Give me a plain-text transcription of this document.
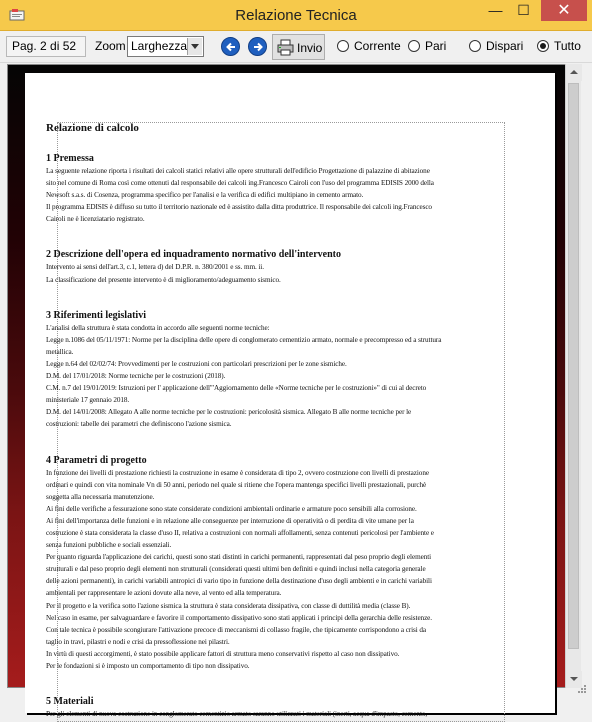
Relazione Tecnica	—	☐	✕
Pag. 2 di 52	Zoom Larghezza	Invio	Corrente Pari	Dispari	Tutto
Relazione di calcolo
1 Premessa

La seguente relazione riporta i risultati dei calcoli statici relativi alle opere strutturali dell'edificio Progettazione di palazzine di abitazione

sito nel comune di Roma così come ottenuti dal responsabile dei calcoli ing.Francesco Cairoli con l'uso del programma EDISIS 2000 della

Newsoft s.a.s. di Cosenza, programma specifico per l'analisi e la verifica di edifici multipiano in cemento armato.

Il programma EDISIS è diffuso su tutto il territorio nazionale ed è assistito dalla ditta produttrice. Il responsabile dei calcoli ing.Francesco

Cairoli ne è licenziatario registrato.

2 Descrizione dell'opera ed inquadramento normativo dell'intervento

Intervento ai sensi dell'art.3, c.1, lettera d) del D.P.R. n. 380/2001 e ss. mm. ii.

La classificazione del presente intervento è di miglioramento/adeguamento sismico.

3 Riferimenti legislativi

L'analisi della struttura è stata condotta in accordo alle seguenti norme tecniche:

Legge n.1086 del 05/11/1971: Norme per la disciplina delle opere di conglomerato cementizio armato, normale e precompresso ed a struttura

metallica.

Legge n.64 del 02/02/74: Provvedimenti per le costruzioni con particolari prescrizioni per le zone sismiche.

D.M. del 17/01/2018: Norme tecniche per le costruzioni (2018).

C.M. n.7 del 19/01/2019: Istruzioni per l' applicazione dell'"Aggiornamento delle «Norme tecniche per le costruzioni»" di cui al decreto

ministeriale 17 gennaio 2018.

D.M. del 14/01/2008: Allegato A alle norme tecniche per le costruzioni: pericolosità sismica. Allegato B alle norme tecniche per le

costruzioni: tabelle dei parametri che definiscono l'azione sismica.

4 Parametri di progetto

In funzione dei livelli di prestazione richiesti la costruzione in esame è considerata di tipo 2, ovvero costruzione con livelli di prestazione

ordinari e quindi con vita nominale Vn di 50 anni, periodo nel quale si ritiene che l'opera mantenga specifici livelli prestazionali, purchè

soggetta alla necessaria manutenzione.

Ai fini delle verifiche a fessurazione sono state considerate condizioni ambientali ordinarie e armature poco sensibili alla corrosione.

Ai fini dell'importanza delle funzioni e in relazione alle conseguenze per interruzione di operatività o di perdita di vite umane per la

costruzione è stata considerata la classe d'uso II, relativa a costruzioni con normali affollamenti, senza contenuti pericolosi per l'ambiente e

senza funzioni pubbliche e sociali essenziali.

Per quanto riguarda l'applicazione dei carichi, questi sono stati distinti in carichi permanenti, rappresentati dal peso proprio degli elementi

strutturali e dal peso proprio degli elementi non strutturali (considerati questi ultimi ben definiti e quindi inclusi nella categoria generale

delle azioni permanenti), in carichi variabili antropici di vario tipo in funzione della destinazione d'uso degli ambienti e in carichi variabili

ambientali per rappresentare le azioni dovute alla neve, al vento ed alla temperatura.

Per il progetto e la verifica sotto l'azione sismica la struttura è stata considerata dissipativa, con classe di duttilità media (classe B).

Nel caso in esame, per salvaguardare e favorire il comportamento dissipativo sono stati applicati i principi della gerarchia delle resistenze.

Con tale tecnica è possibile scongiurare l'attivazione precoce di meccanismi di collasso fragile, che tipicamente corrispondono a crisi da

taglio in travi, pilastri e nodi e crisi da pressoflessione nei pilastri.

In virtù di questi accorgimenti, è stato possibile applicare fattori di struttura meno conservativi rispetto al caso non dissipativo.

Per le fondazioni si è imposto un comportamento di tipo non dissipativo.

5 Materiali

Per gli elementi di nuova costruzione in conglomerato cementizio armato saranno utilizzati i materiali (inerti, acqua d'impasto, cemento,
